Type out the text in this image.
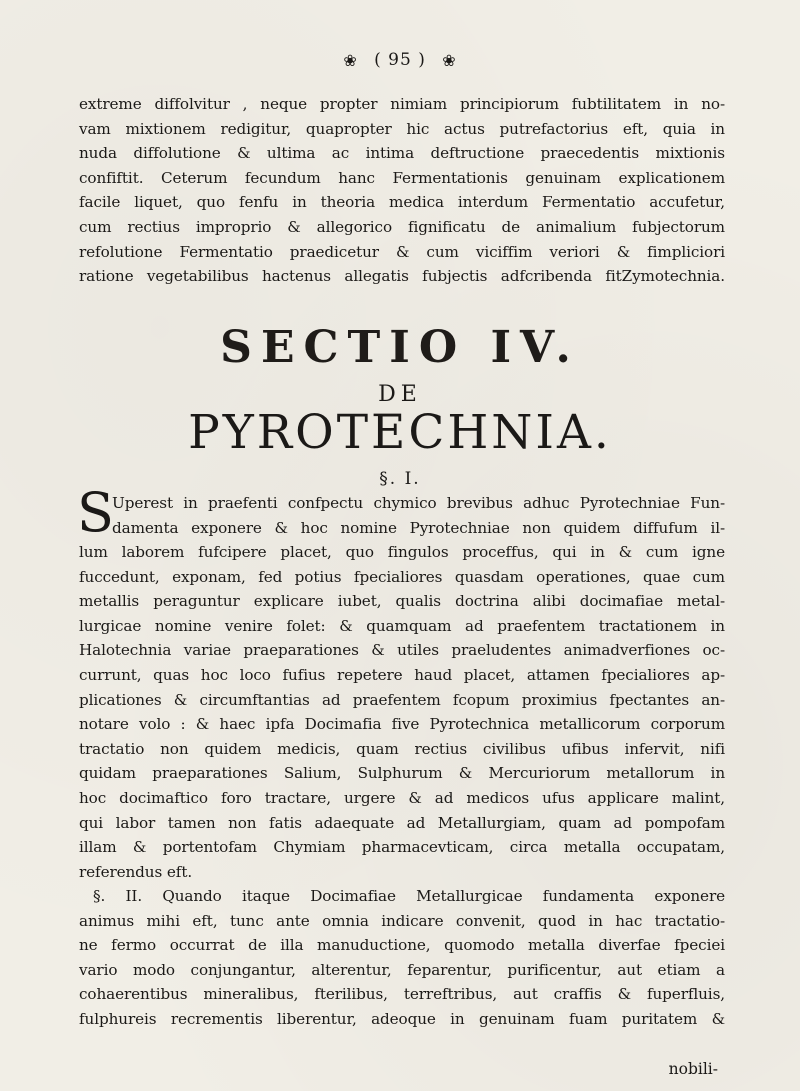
❀ ( 95 ) ❀
extreme diffolvitur , neque propter nimiam principiorum fubtilitatem in no-
vam mixtionem redigitur, quapropter hic actus putrefactorius eft, quia in
nuda diffolutione & ultima ac intima deftructione praecedentis mixtionis
confiftit. Ceterum fecundum hanc Fermentationis genuinam explicationem
facile liquet, quo fenfu in theoria medica interdum Fermentatio accufetur,
cum rectius improprio & allegorico fignificatu de animalium fubjectorum
refolutione Fermentatio praedicetur & cum viciffim veriori & fimpliciori
ratione vegetabilibus hactenus allegatis fubjectis adfcribenda fitZymotechnia.
SECTIO IV.
DE
PYROTECHNIA.
§. I.
S
Uperest in praefenti confpectu chymico brevibus adhuc Pyrotechniae Fun-
damenta exponere & hoc nomine Pyrotechniae non quidem diffufum il-
lum laborem fufcipere placet, quo fingulos proceffus, qui in & cum igne
fuccedunt, exponam, fed potius fpecialiores quasdam operationes, quae cum
metallis peraguntur explicare iubet, qualis doctrina alibi docimafiae metal-
lurgicae nomine venire folet: & quamquam ad praefentem tractationem in
Halotechnia variae praeparationes & utiles praeludentes animadverfiones oc-
currunt, quas hoc loco fufius repetere haud placet, attamen fpecialiores ap-
plicationes & circumftantias ad praefentem fcopum proximius fpectantes an-
notare volo : & haec ipfa Docimafia five Pyrotechnica metallicorum corporum
tractatio non quidem medicis, quam rectius civilibus ufibus infervit, nifi
quidam praeparationes Salium, Sulphurum & Mercuriorum metallorum in
hoc docimaftico foro tractare, urgere & ad medicos ufus applicare malint,
qui labor tamen non fatis adaequate ad Metallurgiam, quam ad pompofam
illam & portentofam Chymiam pharmacevticam, circa metalla occupatam,
referendus eft.
§. II. Quando itaque Docimafiae Metallurgicae fundamenta exponere
animus mihi eft, tunc ante omnia indicare convenit, quod in hac tractatio-
ne fermo occurrat de illa manuductione, quomodo metalla diverfae fpeciei
vario modo conjungantur, alterentur, feparentur, purificentur, aut etiam a
cohaerentibus mineralibus, fterilibus, terreftribus, aut craffis & fuperfluis,
fulphureis recrementis liberentur, adeoque in genuinam fuam puritatem &
nobili-
